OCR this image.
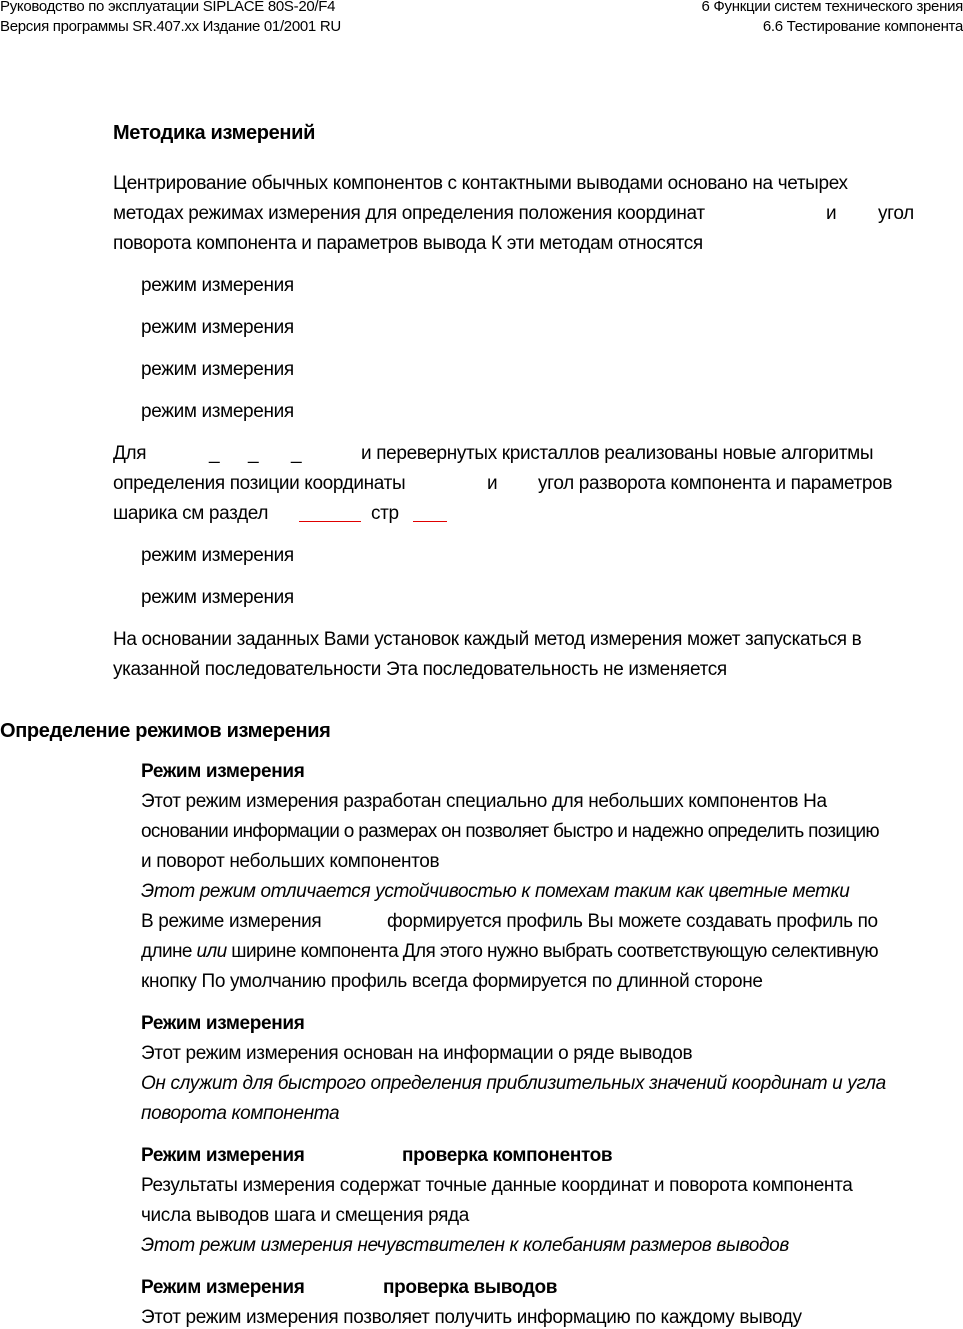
Руководство по эксплуатации SIPLACE 80S-20/F4
Версия программы SR.407.xx Издание 01/2001 RU
6 Функции систем технического зрения
6.6 Тестирование компонента
Методика измерений
Центрирование обычных компонентов с контактными выводами основано на четырех
методах режимах измерения для определения положения координат	и угол
поворота компонента и параметров вывода К эти методам относятся
режим измерения
режим измерения
режим измерения
режим измерения
Для	_ _ _	и перевернутых кристаллов реализованы новые алгоритмы
определения позиции координаты	и угол разворота компонента и параметров
шарика см раздел	стр
режим измерения
режим измерения
На основании заданных Вами установок каждый метод измерения может запускаться в
указанной последовательности Эта последовательность не изменяется
Определение режимов измерения
Режим измерения
Этот режим измерения разработан специально для небольших компонентов На
основании информации о размерах он позволяет быстро и надежно определить позицию
и поворот небольших компонентов
Этот режим отличается устойчивостью к помехам таким как цветные метки
В режиме измерения	формируется профиль Вы можете создавать профиль по
длине или ширине компонента Для этого нужно выбрать соответствующую селективную
кнопку По умолчанию профиль всегда формируется по длинной стороне
Режим измерения
Этот режим измерения основан на информации о ряде выводов
Он служит для быстрого определения приблизительных значений координат и угла
поворота компонента
Режим измерения	проверка компонентов
Результаты измерения содержат точные данные координат и поворота компонента
числа выводов шага и смещения ряда
Этот режим измерения нечувствителен к колебаниям размеров выводов
Режим измерения	проверка выводов
Этот режим измерения позволяет получить информацию по каждому выводу
